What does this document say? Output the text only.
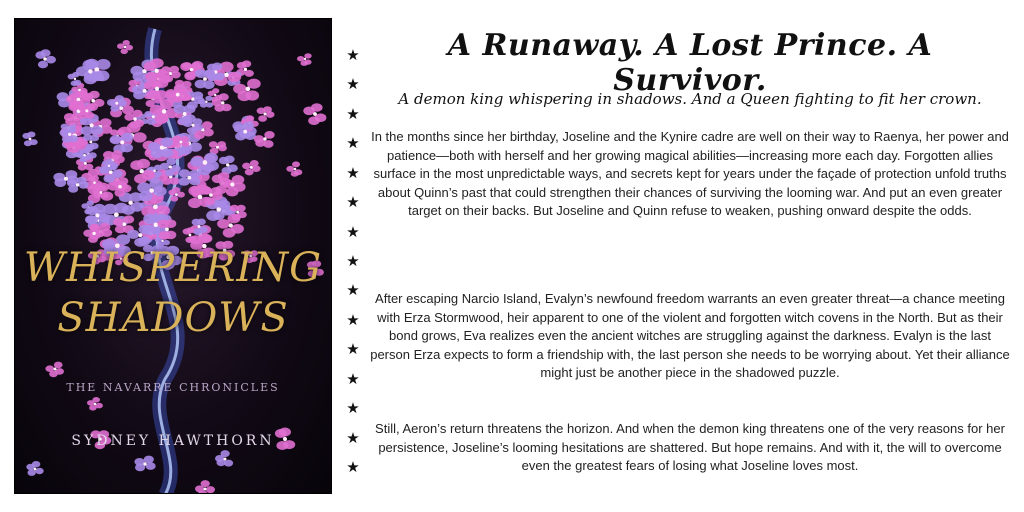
WHISPERING
SHADOWS
THE NAVARRE CHRONICLES
SYDNEY HAWTHORN
★
★
★
★
★
★
★
★
★
★
★
★
★
★
★
A Runaway. A Lost Prince. A Survivor.
A demon king whispering in shadows. And a Queen fighting to fit her crown.
In the months since her birthday, Joseline and the Kynire cadre are well on their way to Raenya, her power and patience—both with herself and her growing magical abilities—increasing more each day. Forgotten allies surface in the most unpredictable ways, and secrets kept for years under the façade of protection unfold truths about Quinn’s past that could strengthen their chances of surviving the looming war. And put an even greater target on their backs. But Joseline and Quinn refuse to weaken, pushing onward despite the odds.
After escaping Narcio Island, Evalyn’s newfound freedom warrants an even greater threat—a chance meeting with Erza Stormwood, heir apparent to one of the violent and forgotten witch covens in the North. But as their bond grows, Eva realizes even the ancient witches are struggling against the darkness. Evalyn is the last person Erza expects to form a friendship with, the last person she needs to be worrying about. Yet their alliance might just be another piece in the shadowed puzzle.
Still, Aeron’s return threatens the horizon. And when the demon king threatens one of the very reasons for her persistence, Joseline’s looming hesitations are shattered. But hope remains. And with it, the will to overcome even the greatest fears of losing what Joseline loves most.
